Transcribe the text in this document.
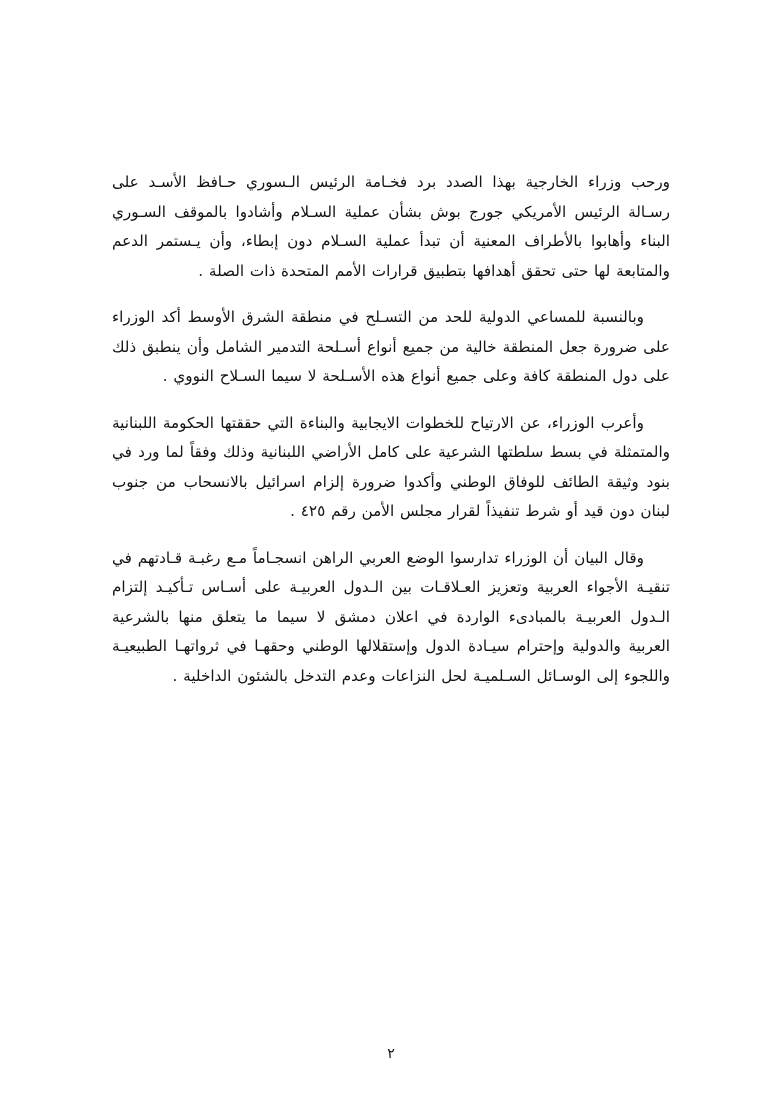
ورحب وزراء الخارجية بهذا الصدد برد فخـامة الرئيس الـسوري حـافظ الأسـد على رسـالة الرئيس الأمريكي جورج بوش بشأن عملية السـلام وأشادوا بالموقف السـوري البناء وأهابوا بالأطراف المعنية أن تبدأ عملية السـلام دون إبطاء، وأن يـستمر الدعم والمتابعة لها حتى تحقق أهدافها بتطبيق قرارات الأمم المتحدة ذات الصلة .

وبالنسبة للمساعي الدولية للحد من التسـلح في منطقة الشرق الأوسط أكد الوزراء على ضرورة جعل المنطقة خالية من جميع أنواع أسـلحة التدمير الشامل وأن ينطبق ذلك على دول المنطقة كافة وعلى جميع أنواع هذه الأسـلحة لا سيما السـلاح النووي .

وأعرب الوزراء، عن الارتياح للخطوات الايجابية والبناءة التي حققتها الحكومة اللبنانية والمتمثلة في بسط سلطتها الشرعية على كامل الأراضي اللبنانية وذلك وفقاً لما ورد في بنود وثيقة الطائف للوفاق الوطني وأكدوا ضرورة إلزام اسرائيل بالانسحاب من جنوب لبنان دون قيد أو شرط تنفيذاً لقرار مجلس الأمن رقم ٤٢٥ .

وقال البيان أن الوزراء تدارسوا الوضع العربي الراهن انسجـاماً مـع رغبـة قـادتهم في تنقيـة الأجواء العربية وتعزيز العـلاقـات بين الـدول العربيـة على أسـاس تـأكيـد إلتزام الـدول العربيـة بالمبادىء الواردة في اعلان دمشق لا سيما ما يتعلق منها بالشرعية العربية والدولية وإحترام سيـادة الدول وإستقلالها الوطني وحقهـا في ثرواتهـا الطبيعيـة واللجوء إلى الوسـائل السـلميـة لحل النزاعات وعدم التدخل بالشئون الداخلية .

٢
